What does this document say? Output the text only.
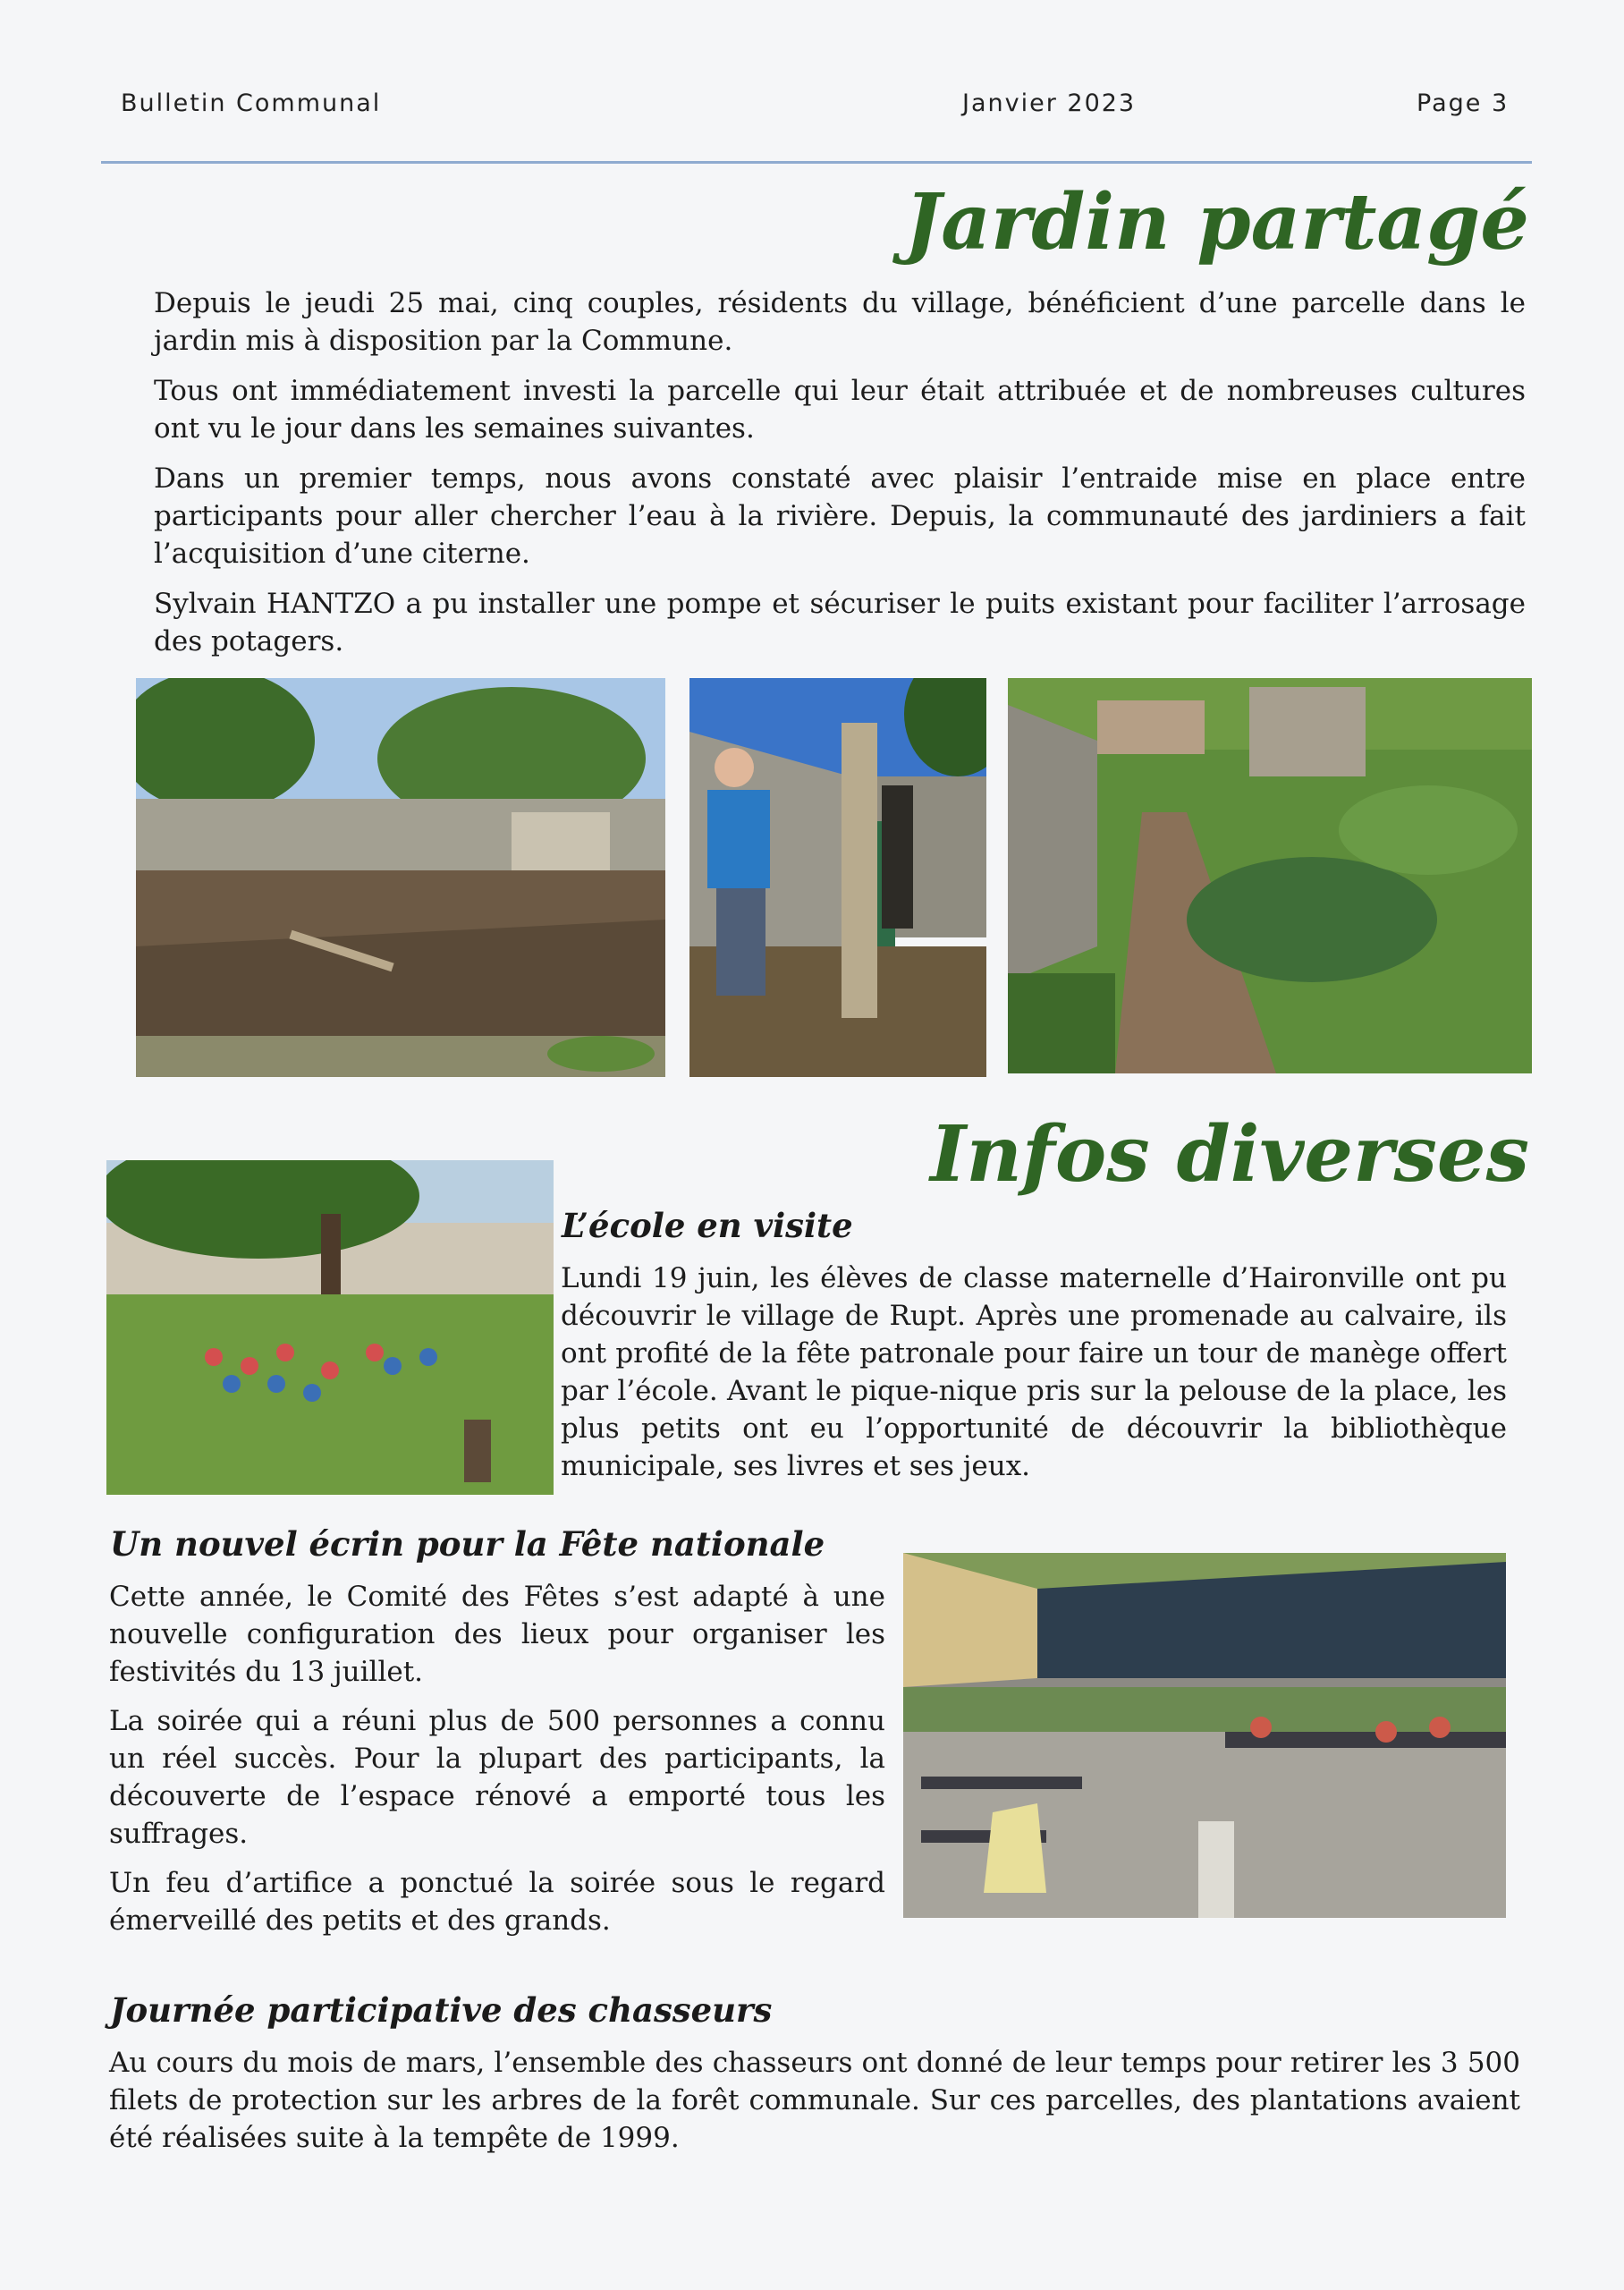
Bulletin Communal	Janvier 2023	Page 3
Jardin partagé

Depuis le jeudi 25 mai, cinq couples, résidents du village, bénéficient d’une parcelle dans le jardin mis à disposition par la Commune.

Tous ont immédiatement investi la parcelle qui leur était attribuée et de nombreuses cultures ont vu le jour dans les semaines suivantes.

Dans un premier temps, nous avons constaté avec plaisir l’entraide mise en place entre participants pour aller chercher l’eau à la rivière. Depuis, la communauté des jardiniers a fait l’acquisition d’une citerne.

Sylvain HANTZO a pu installer une pompe et sécuriser le puits existant pour faciliter l’arrosage des potagers.

Infos diverses
L’école en visite

Lundi 19 juin, les élèves de classe maternelle d’Haironville ont pu découvrir le village de Rupt. Après une promenade au calvaire, ils ont profité de la fête patronale pour faire un tour de manège offert par l’école. Avant le pique-nique pris sur la pelouse de la place, les plus petits ont eu l’opportunité de découvrir la bibliothèque municipale, ses livres et ses jeux.

Un nouvel écrin pour la Fête nationale

Cette année, le Comité des Fêtes s’est adapté à une nouvelle configuration des lieux pour organiser les festivités du 13 juillet.

La soirée qui a réuni plus de 500 personnes a connu un réel succès. Pour la plupart des participants, la découverte de l’espace rénové a emporté tous les suffrages.

Un feu d’artifice a ponctué la soirée sous le regard émerveillé des petits et des grands.

Journée participative des chasseurs

Au cours du mois de mars, l’ensemble des chasseurs ont donné de leur temps pour retirer les 3 500 filets de protection sur les arbres de la forêt communale. Sur ces parcelles, des plantations avaient été réalisées suite à la tempête de 1999.
